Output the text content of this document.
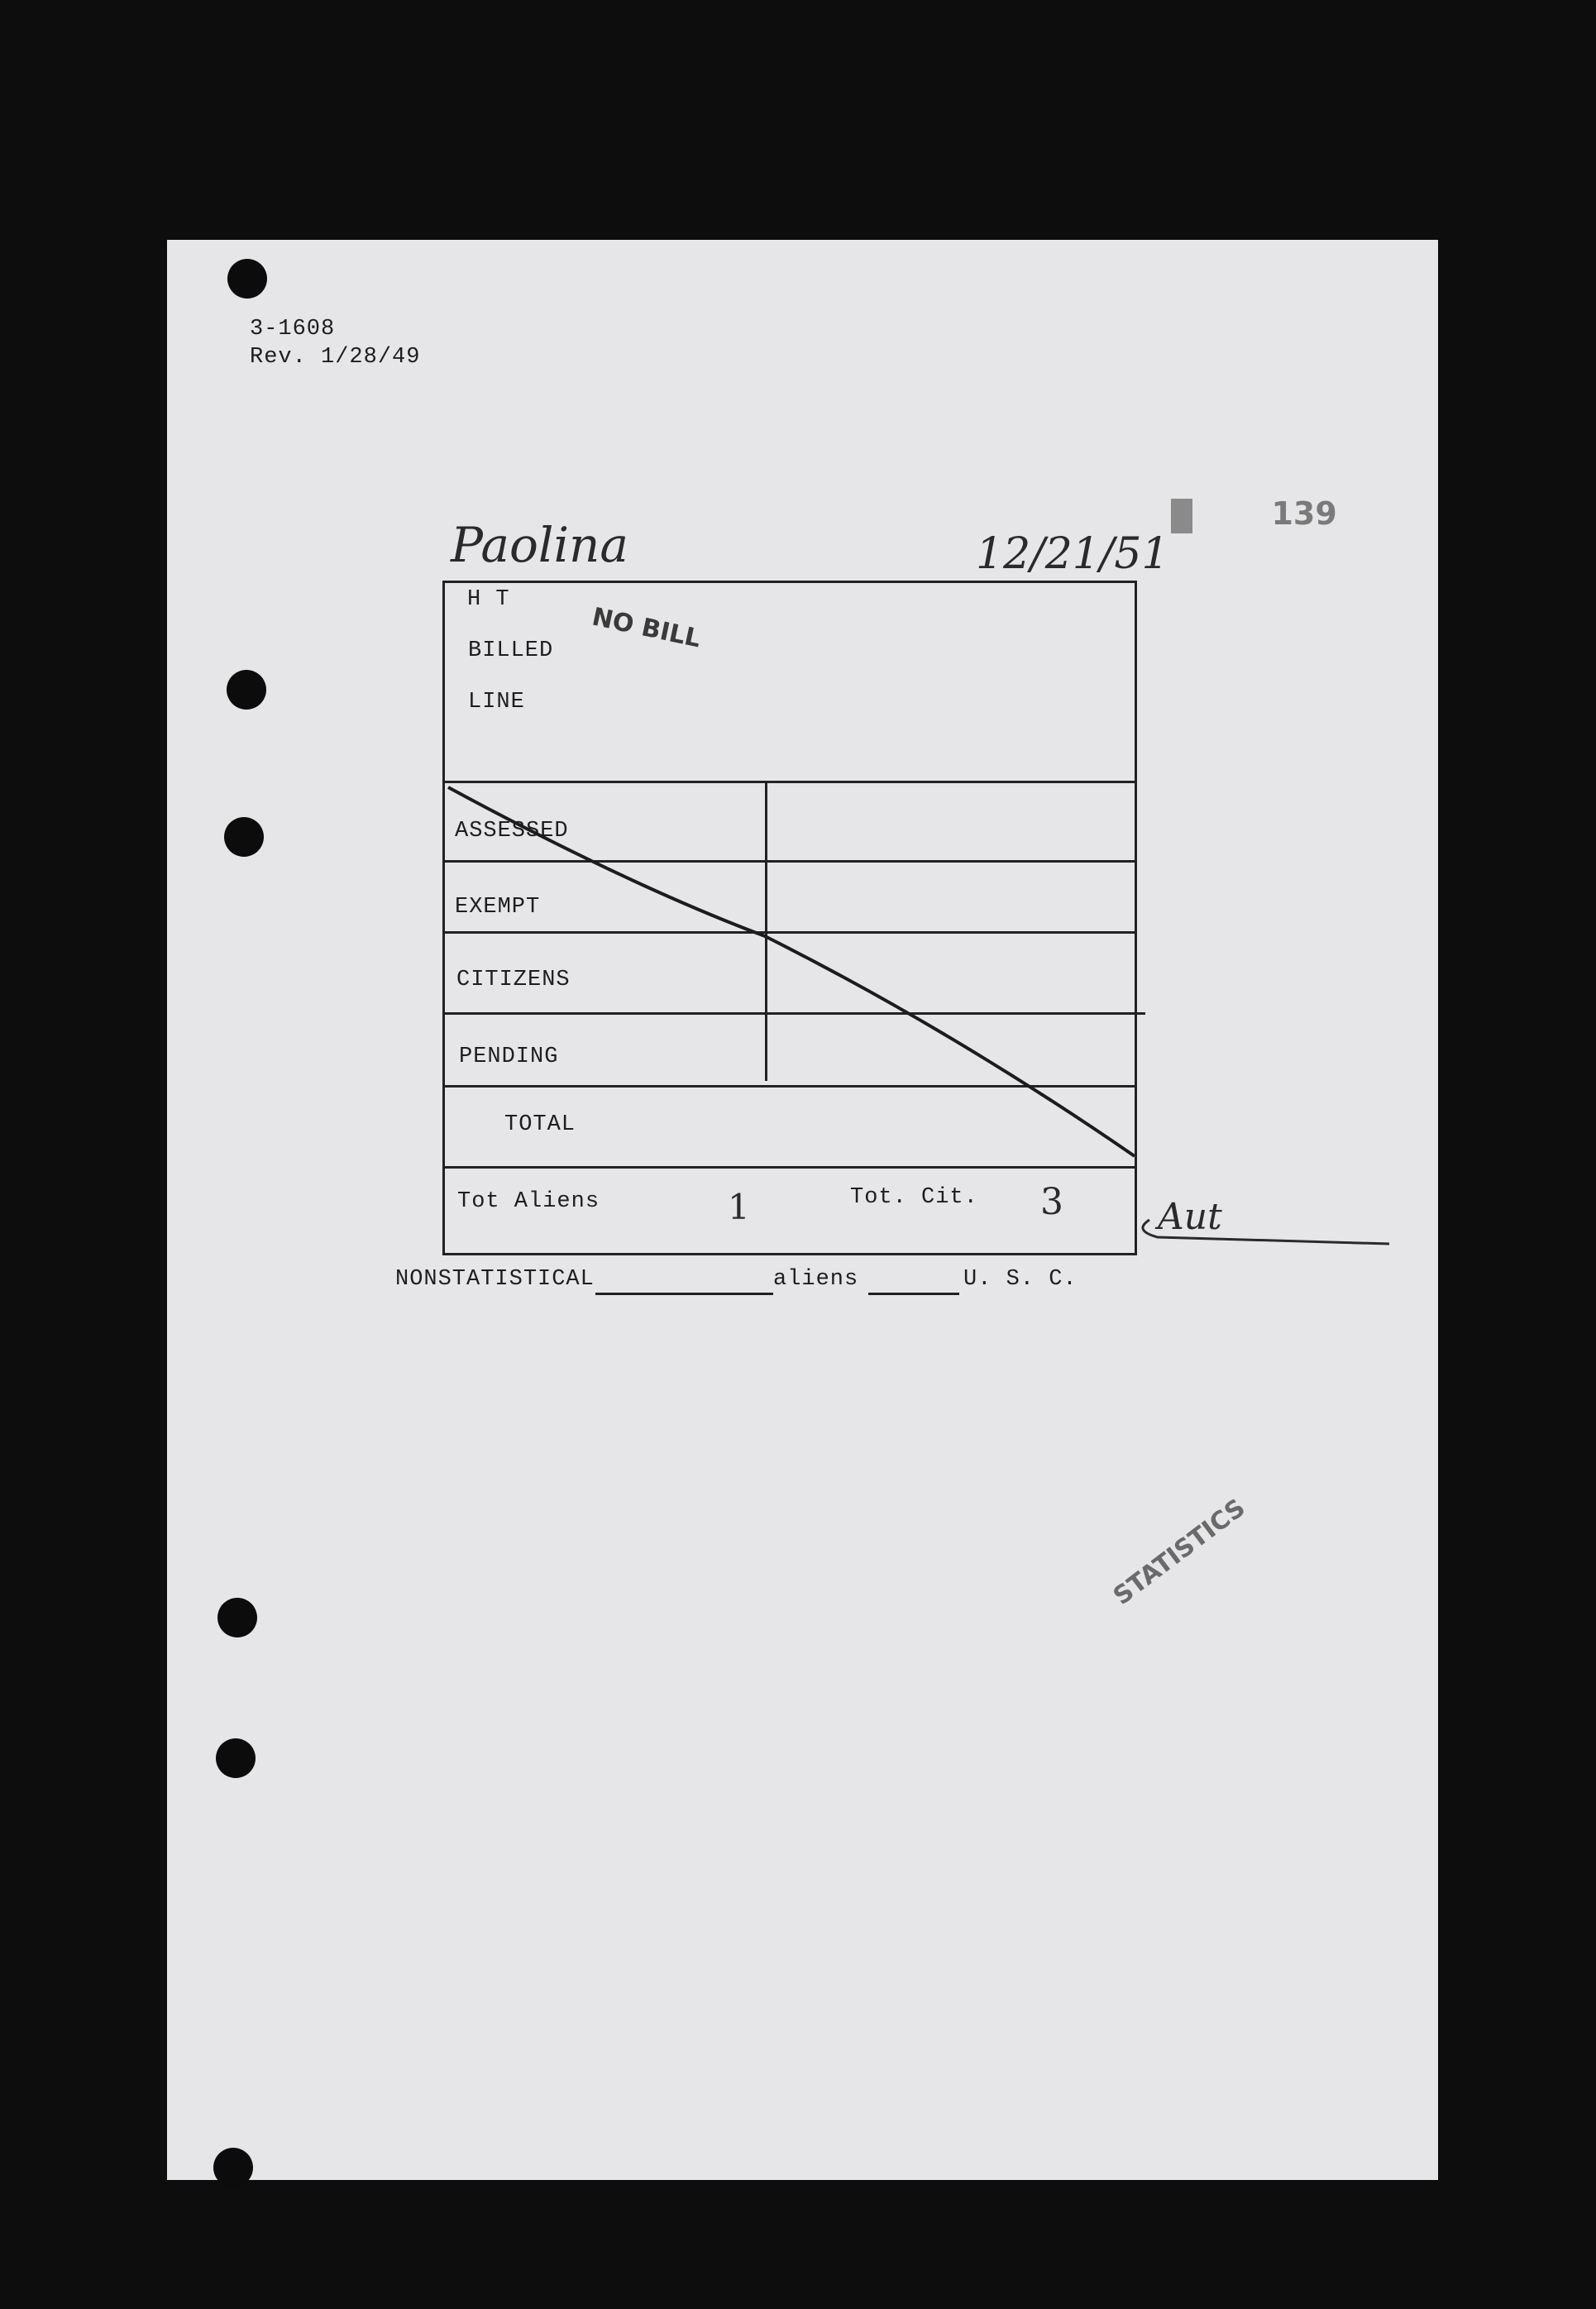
3-1608
Rev. 1/28/49

139

Paolina	12/21/51
H T
BILLED
LINE
NO BILL
ASSESSED
EXEMPT
CITIZENS
PENDING
TOTAL
Tot Aliens	1	Tot. Cit. 3	Aut
NONSTATISTICAL	aliens	U. S. C.
STATISTICS
